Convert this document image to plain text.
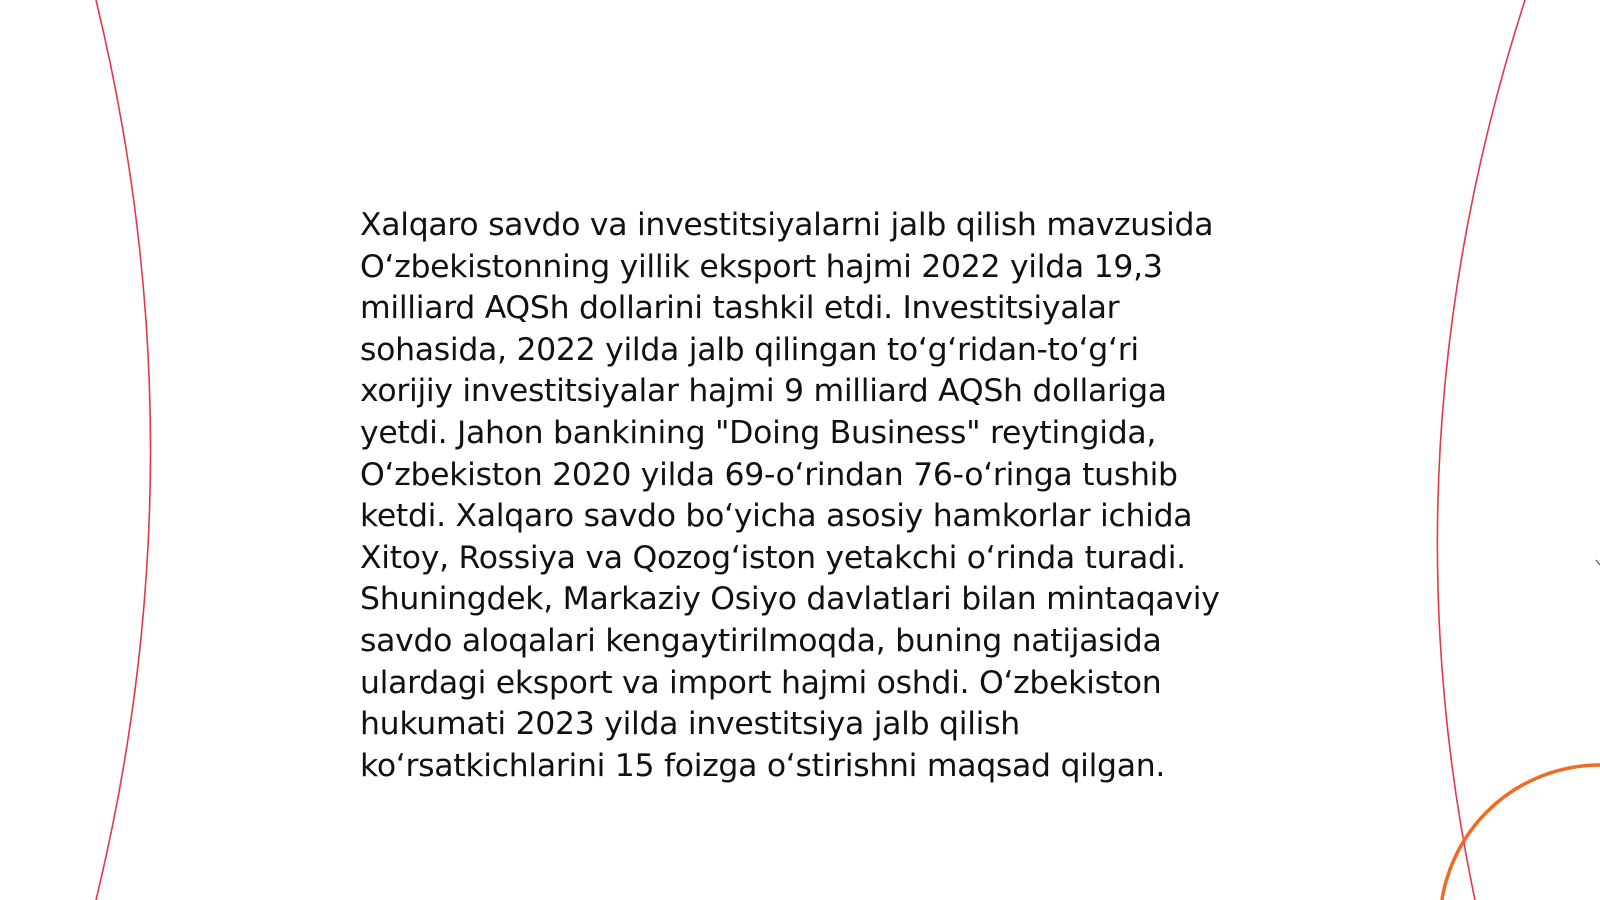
Xalqaro savdo va investitsiyalarni jalb qilish mavzusida O‘zbekistonning yillik eksport hajmi 2022 yilda 19,3 milliard AQSh dollarini tashkil etdi. Investitsiyalar sohasida, 2022 yilda jalb qilingan to‘g‘ridan-to‘g‘ri xorijiy investitsiyalar hajmi 9 milliard AQSh dollariga yetdi. Jahon bankining "Doing Business" reytingida, O‘zbekiston 2020 yilda 69-o‘rindan 76-o‘ringa tushib ketdi. Xalqaro savdo bo‘yicha asosiy hamkorlar ichida Xitoy, Rossiya va Qozog‘iston yetakchi o‘rinda turadi. Shuningdek, Markaziy Osiyo davlatlari bilan mintaqaviy savdo aloqalari kengaytirilmoqda, buning natijasida ulardagi eksport va import hajmi oshdi. O‘zbekiston hukumati 2023 yilda investitsiya jalb qilish ko‘rsatkichlarini 15 foizga o‘stirishni maqsad qilgan.
